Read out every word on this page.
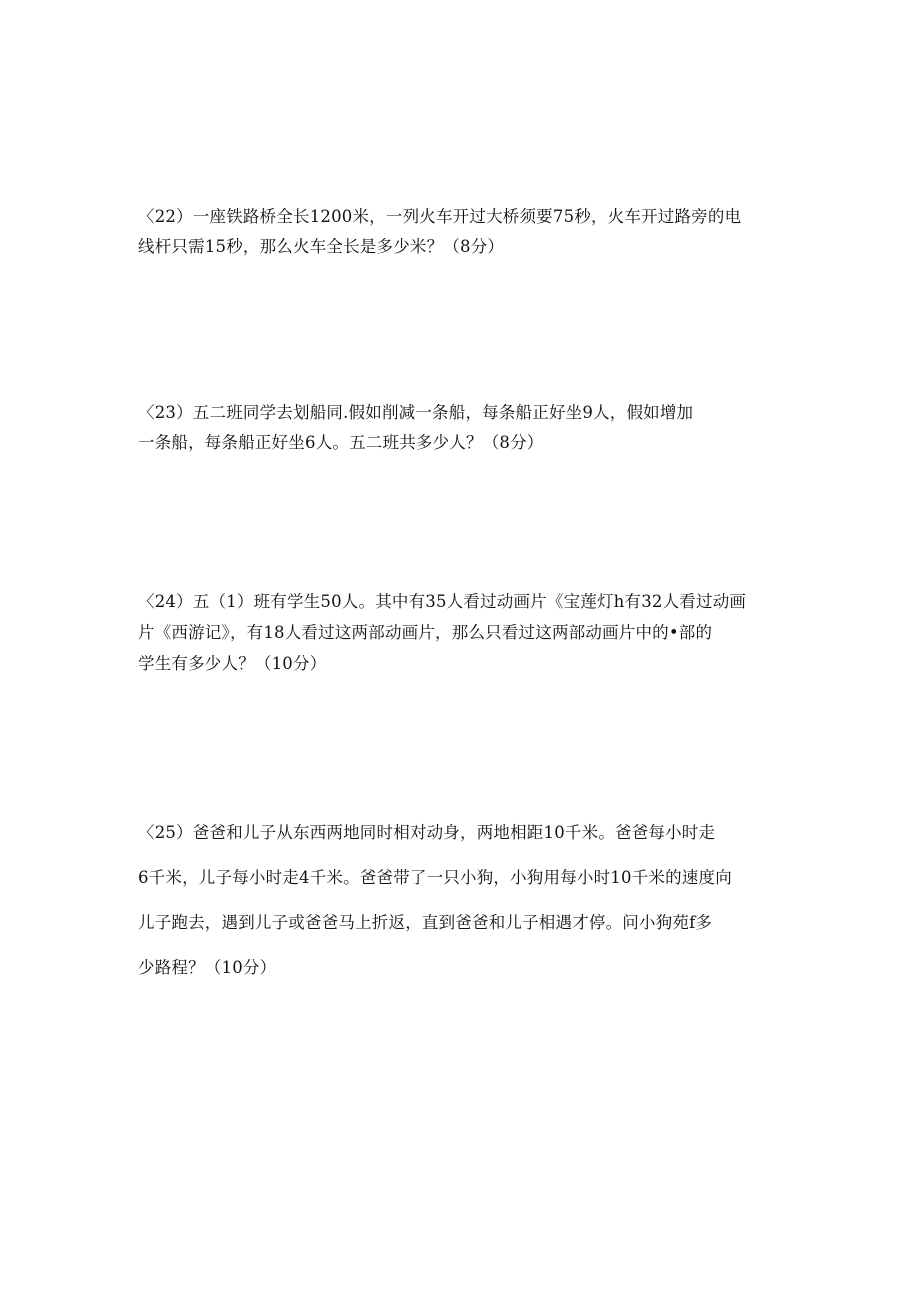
〈22）一座铁路桥全长1200米，一列火车开过大桥须要75秒，火车开过路旁的电
线杆只需15秒，那么火车全长是多少米？（8分）
〈23）五二班同学去划船同.假如削减一条船，每条船正好坐9人，假如增加
一条船，每条船正好坐6人。五二班共多少人？（8分）
〈24）五（1）班有学生50人。其中有35人看过动画片《宝莲灯h有32人看过动画
片《西游记》，有18人看过这两部动画片，那么只看过这两部动画片中的•部的
学生有多少人？（10分）
〈25）爸爸和儿子从东西两地同时相对动身，两地相距10千米。爸爸每小时走
6千米，儿子每小时走4千米。爸爸带了一只小狗，小狗用每小时10千米的速度向
儿子跑去，遇到儿子或爸爸马上折返，直到爸爸和儿子相遇才停。问小狗苑f多
少路程？（10分）
